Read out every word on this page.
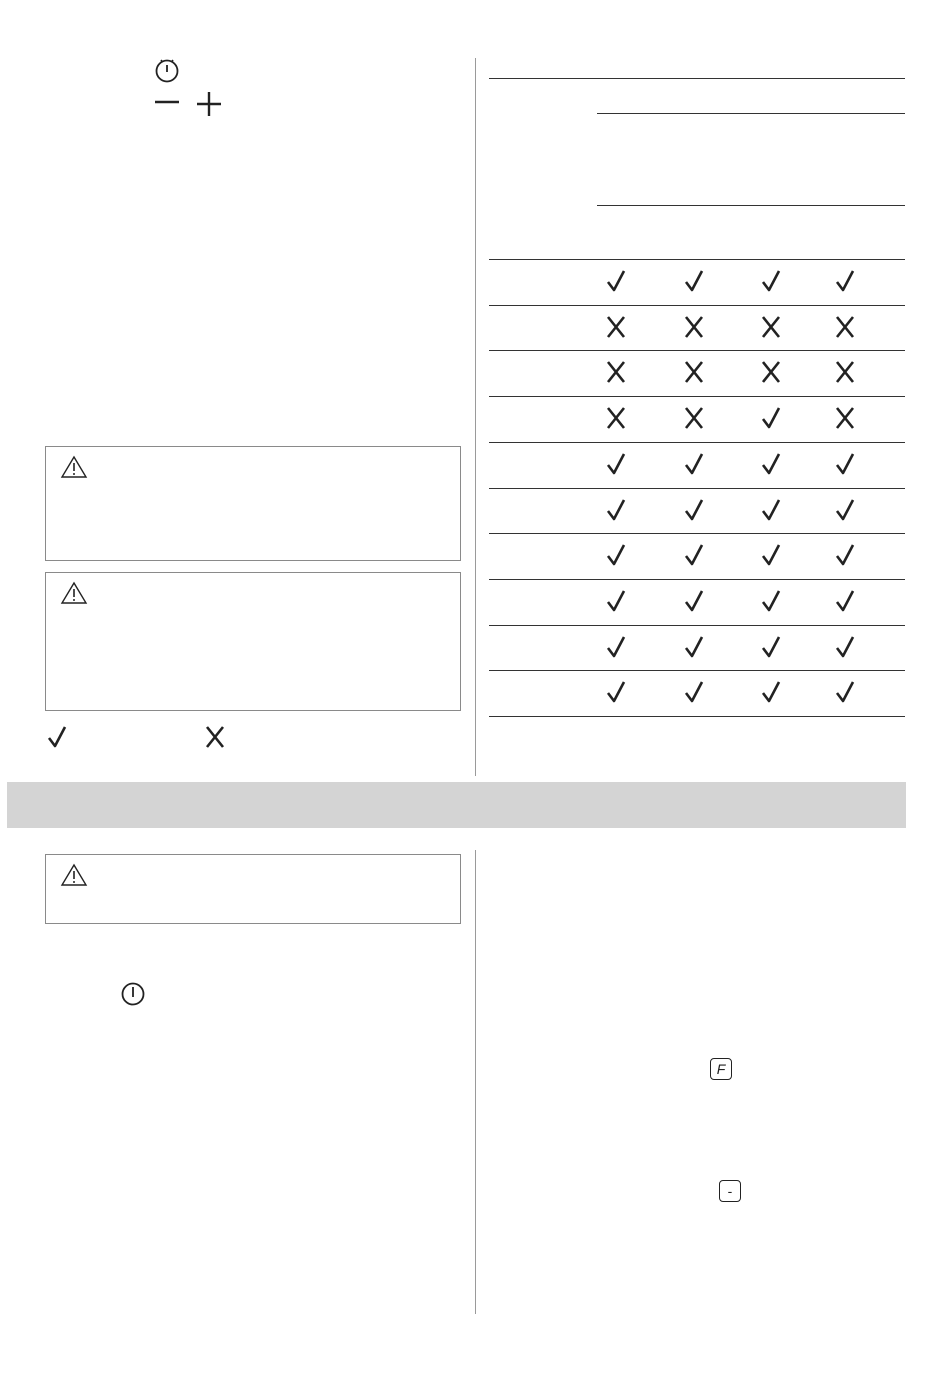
F
-
